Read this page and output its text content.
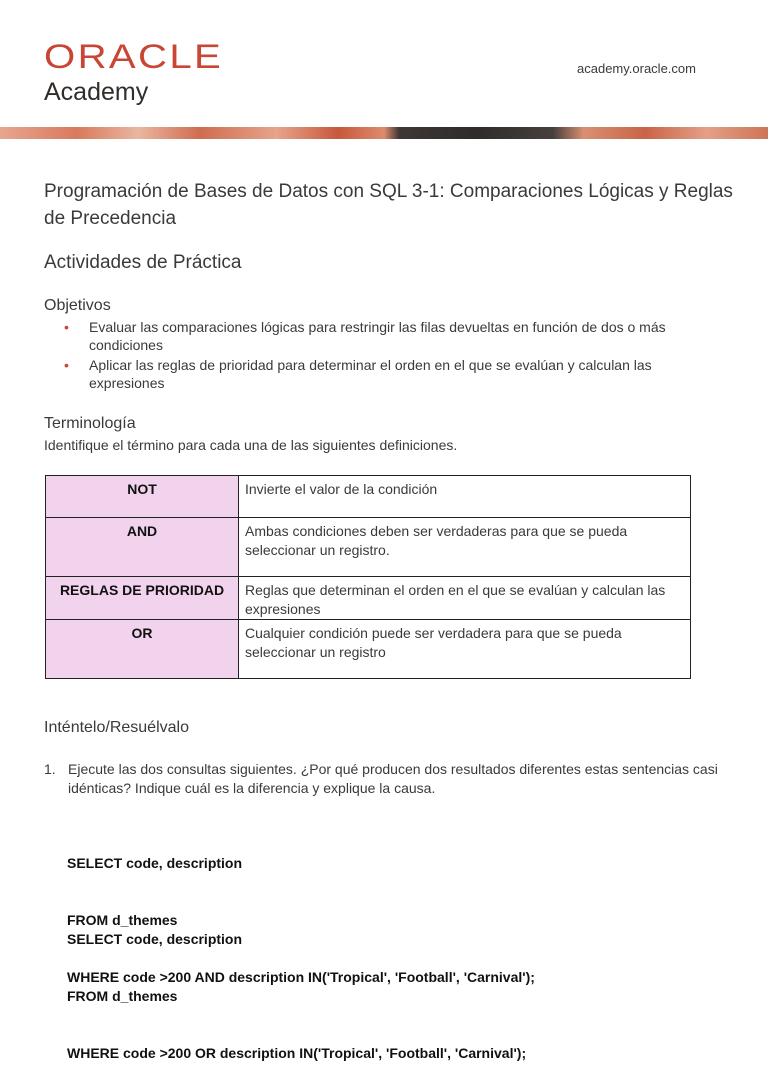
ORACLE
Academy
academy.oracle.com
Programación de Bases de Datos con SQL 3-1: Comparaciones Lógicas y Reglas de Precedencia
Actividades de Práctica
Objetivos
• Evaluar las comparaciones lógicas para restringir las filas devueltas en función de dos o más condiciones
• Aplicar las reglas de prioridad para determinar el orden en el que se evalúan y calculan las expresiones
Terminología
Identifique el término para cada una de las siguientes definiciones.
NOT	Invierte el valor de la condición
AND	Ambas condiciones deben ser verdaderas para que se pueda seleccionar un registro.
REGLAS DE PRIORIDAD	Reglas que determinan el orden en el que se evalúan y calculan las expresiones
OR	Cualquier condición puede ser verdadera para que se pueda seleccionar un registro
Inténtelo/Resuélvalo
1. Ejecute las dos consultas siguientes. ¿Por qué producen dos resultados diferentes estas sentencias casi idénticas? Indique cuál es la diferencia y explique la causa.

SELECT code, description

FROM d_themes

WHERE code >200 AND description IN('Tropical', 'Football', 'Carnival');

SELECT code, description

FROM d_themes

WHERE code >200 OR description IN('Tropical', 'Football', 'Carnival');
